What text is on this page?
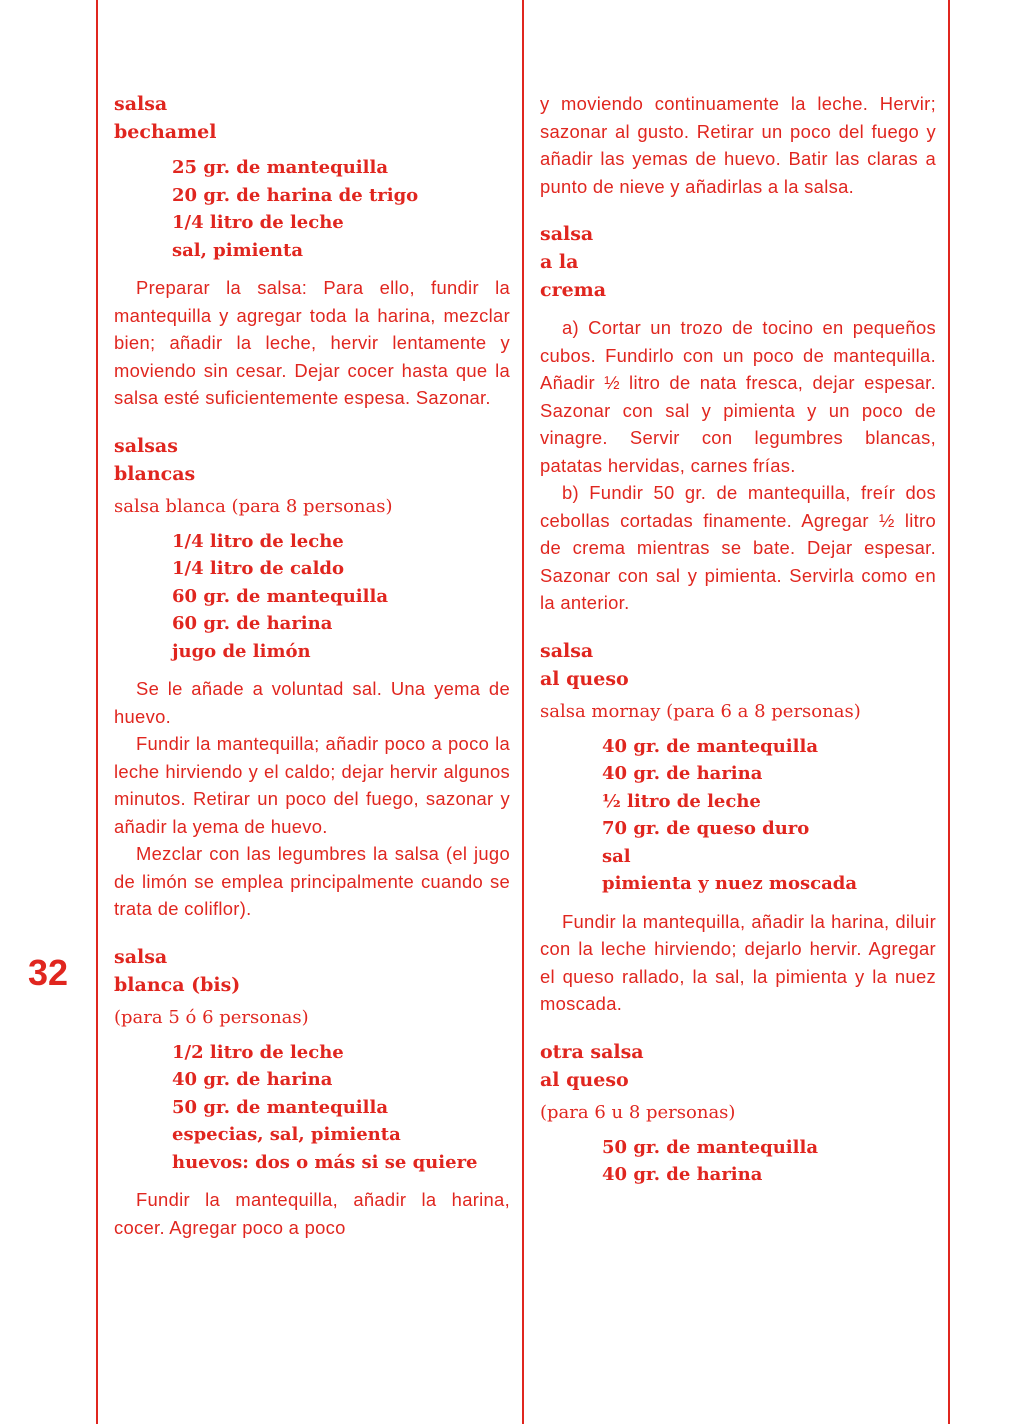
32
salsa
bechamel
25 gr. de mantequilla
20 gr. de harina de trigo
1/4 litro de leche
sal, pimienta
Preparar la salsa: Para ello, fundir la mantequilla y agregar toda la harina, mezclar bien; añadir la leche, hervir lentamente y moviendo sin cesar. Dejar cocer hasta que la salsa esté suficientemente espesa. Sazonar.
salsas
blancas
salsa blanca (para 8 personas)
1/4 litro de leche
1/4 litro de caldo
60 gr. de mantequilla
60 gr. de harina
jugo de limón
Se le añade a voluntad sal. Una yema de huevo.
Fundir la mantequilla; añadir poco a poco la leche hirviendo y el caldo; dejar hervir algunos minutos. Retirar un poco del fuego, sazonar y añadir la yema de huevo.
Mezclar con las legumbres la salsa (el jugo de limón se emplea principalmente cuando se trata de coliflor).
salsa
blanca (bis)
(para 5 ó 6 personas)
1/2 litro de leche
40 gr. de harina
50 gr. de mantequilla
especias, sal, pimienta
huevos: dos o más si se quiere
Fundir la mantequilla, añadir la harina, cocer. Agregar poco a poco
y moviendo continuamente la leche. Hervir; sazonar al gusto. Retirar un poco del fuego y añadir las yemas de huevo. Batir las claras a punto de nieve y añadirlas a la salsa.
salsa
a la
crema
a) Cortar un trozo de tocino en pequeños cubos. Fundirlo con un poco de mantequilla. Añadir ½ litro de nata fresca, dejar espesar. Sazonar con sal y pimienta y un poco de vinagre. Servir con legumbres blancas, patatas hervidas, carnes frías.
b) Fundir 50 gr. de mantequilla, freír dos cebollas cortadas finamente. Agregar ½ litro de crema mientras se bate. Dejar espesar. Sazonar con sal y pimienta. Servirla como en la anterior.
salsa
al queso
salsa mornay (para 6 a 8 personas)
40 gr. de mantequilla
40 gr. de harina
½ litro de leche
70 gr. de queso duro
sal
pimienta y nuez moscada
Fundir la mantequilla, añadir la harina, diluir con la leche hirviendo; dejarlo hervir. Agregar el queso rallado, la sal, la pimienta y la nuez moscada.
otra salsa
al queso
(para 6 u 8 personas)
50 gr. de mantequilla
40 gr. de harina
